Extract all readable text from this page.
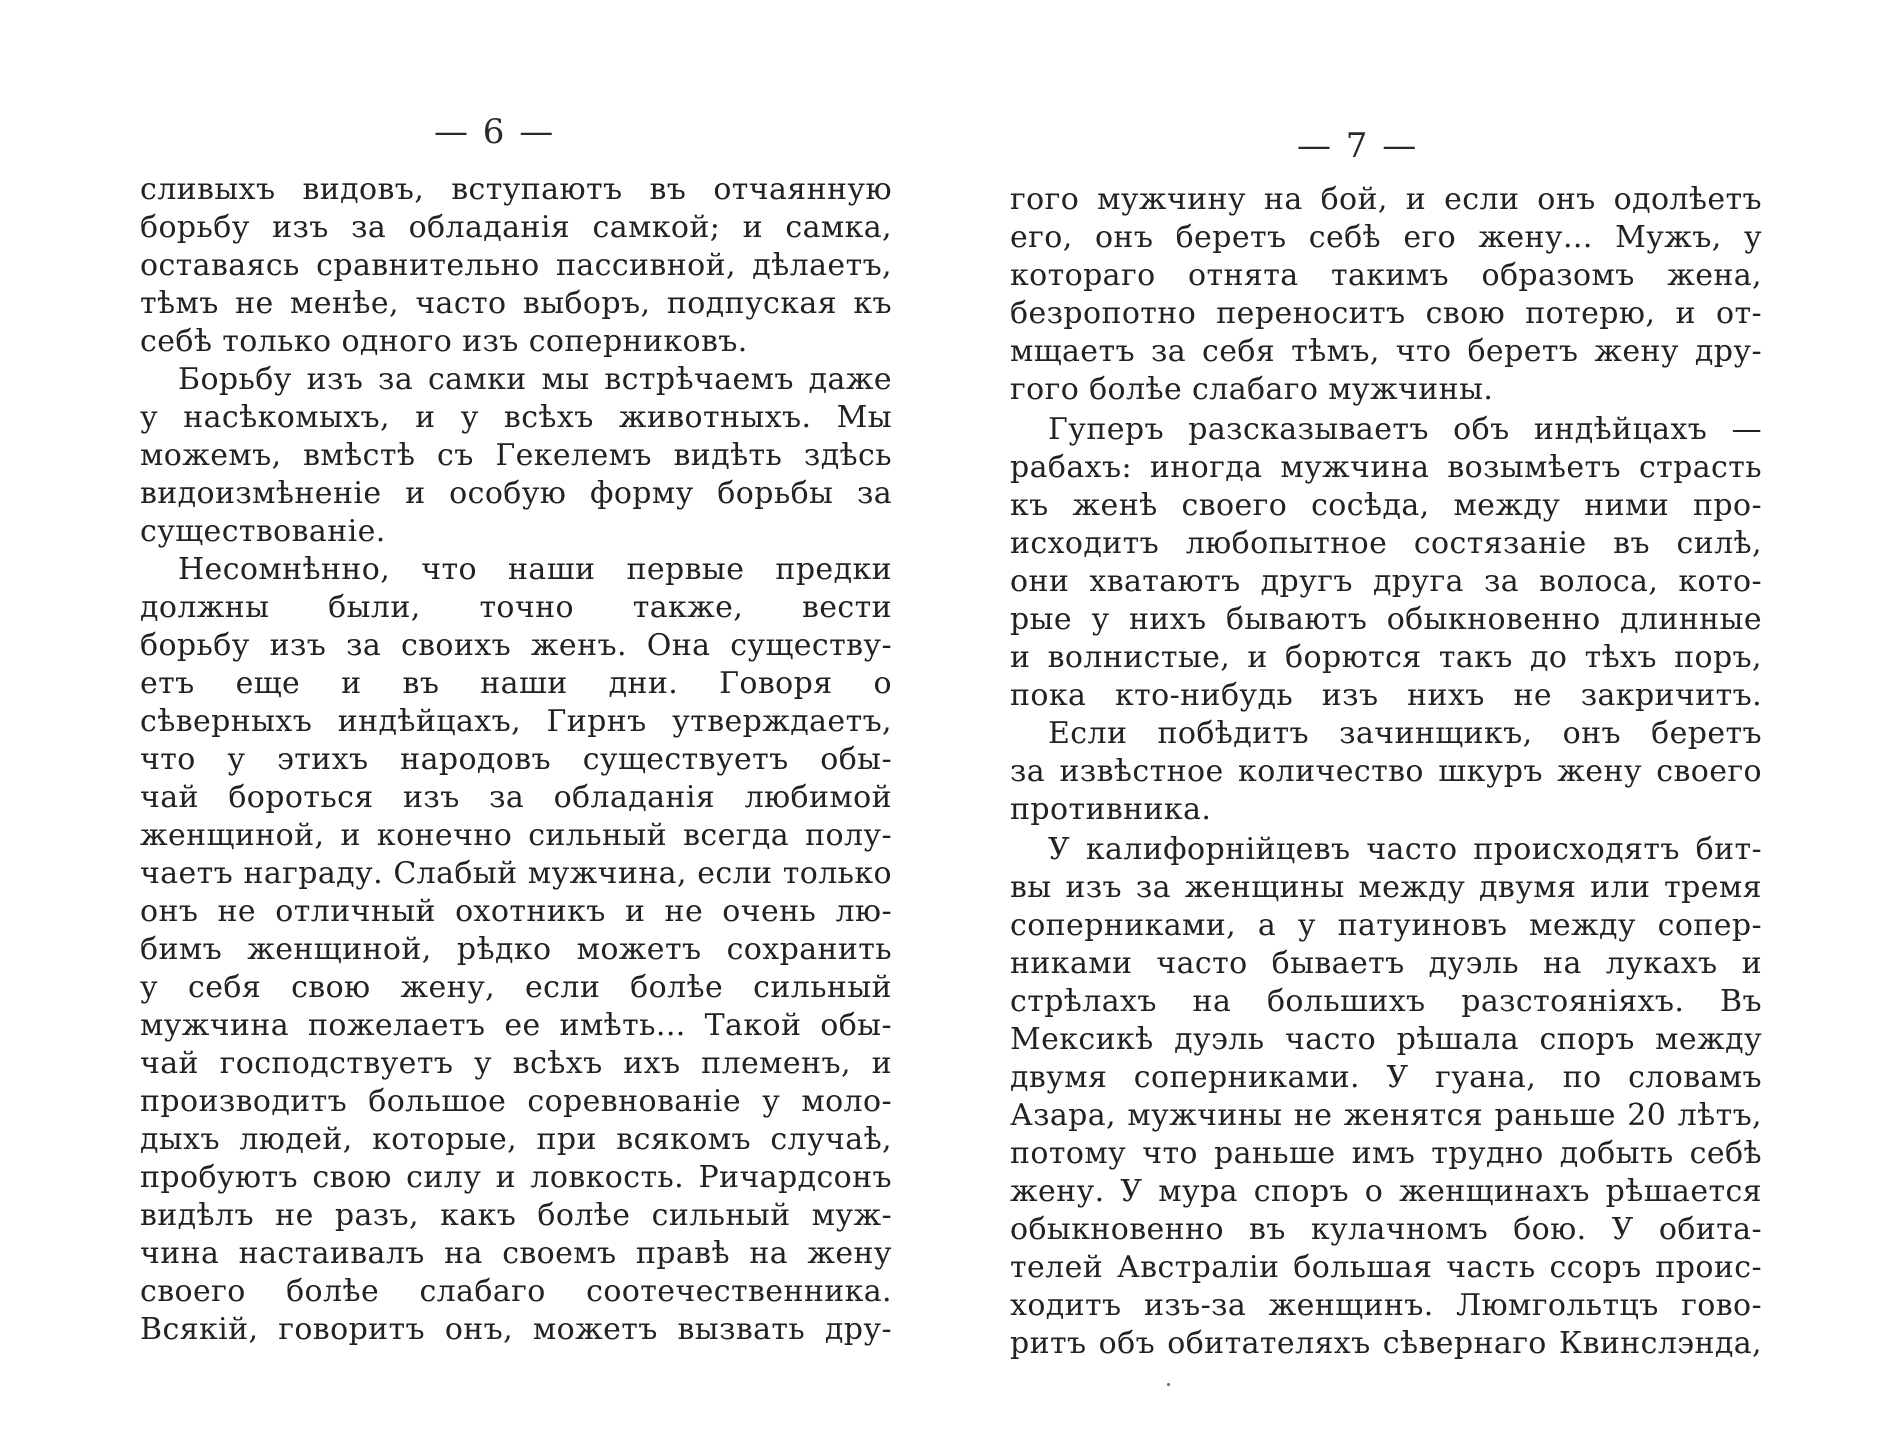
— 6 —
сливыхъ видовъ, вступаютъ въ отчаянную
борьбу изъ за обладанія самкой; и самка,
оставаясь сравнительно пассивной, дѣлаетъ,
тѣмъ не менѣе, часто выборъ, подпуская къ
себѣ только одного изъ соперниковъ.
Борьбу изъ за самки мы встрѣчаемъ даже
у насѣкомыхъ, и у всѣхъ животныхъ. Мы
можемъ, вмѣстѣ съ Гекелемъ видѣть здѣсь
видоизмѣненіе и особую форму борьбы за
существованіе.
Несомнѣнно, что наши первые предки
должны были, точно также, вести
борьбу изъ за своихъ женъ. Она существу-
етъ еще и въ наши дни. Говоря о
сѣверныхъ индѣйцахъ, Гирнъ утверждаетъ,
что у этихъ народовъ существуетъ обы-
чай бороться изъ за обладанія любимой
женщиной, и конечно сильный всегда полу-
чаетъ награду. Слабый мужчина, если только
онъ не отличный охотникъ и не очень лю-
бимъ женщиной, рѣдко можетъ сохранить
у себя свою жену, если болѣе сильный
мужчина пожелаетъ ее имѣть... Такой обы-
чай господствуетъ у всѣхъ ихъ племенъ, и
производитъ большое соревнованіе у моло-
дыхъ людей, которые, при всякомъ случаѣ,
пробуютъ свою силу и ловкость. Ричардсонъ
видѣлъ не разъ, какъ болѣе сильный муж-
чина настаивалъ на своемъ правѣ на жену
своего болѣе слабаго соотечественника.
Всякій, говоритъ онъ, можетъ вызвать дру-
— 7 —
гого мужчину на бой, и если онъ одолѣетъ
его, онъ беретъ себѣ его жену... Мужъ, у
котораго отнята такимъ образомъ жена,
безропотно переноситъ свою потерю, и от-
мщаетъ за себя тѣмъ, что беретъ жену дру-
гого болѣе слабаго мужчины.
Гуперъ разсказываетъ объ индѣйцахъ —
рабахъ: иногда мужчина возымѣетъ страсть
къ женѣ своего сосѣда, между ними про-
исходитъ любопытное состязаніе въ силѣ,
они хватаютъ другъ друга за волоса, кото-
рые у нихъ бываютъ обыкновенно длинные
и волнистые, и борются такъ до тѣхъ поръ,
пока кто-нибудь изъ нихъ не закричитъ.
Если побѣдитъ зачинщикъ, онъ беретъ
за извѣстное количество шкуръ жену своего
противника.
У калифорнійцевъ часто происходятъ бит-
вы изъ за женщины между двумя или тремя
соперниками, а у патуиновъ между сопер-
никами часто бываетъ дуэль на лукахъ и
стрѣлахъ на большихъ разстояніяхъ. Въ
Мексикѣ дуэль часто рѣшала споръ между
двумя соперниками. У гуана, по словамъ
Азара, мужчины не женятся раньше 20 лѣтъ,
потому что раньше имъ трудно добыть себѣ
жену. У мура споръ о женщинахъ рѣшается
обыкновенно въ кулачномъ бою. У обита-
телей Австраліи большая часть ссоръ проис-
ходитъ изъ-за женщинъ. Люмгольтцъ гово-
ритъ объ обитателяхъ сѣвернаго Квинслэнда,
